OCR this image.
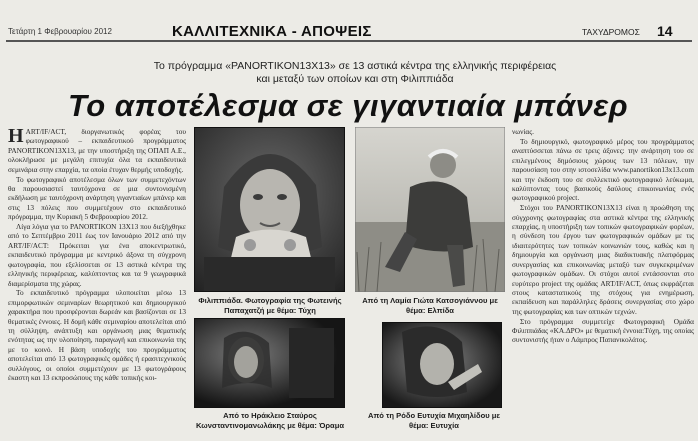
Τετάρτη 1 Φεβρουαρίου 2012	ΚΑΛΛΙΤΕΧΝΙΚΑ - ΑΠΟΨΕΙΣ	ΤΑΧΥΔΡΟΜΟΣ 14
Το πρόγραμμα «PANORTIKON13X13» σε 13 αστικά κέντρα της ελληνικής περιφέρειας και μεταξύ των οποίων και στη Φιλιππιάδα
Το αποτέλεσμα σε γιγαντιαία μπάνερ

ΗART/IF/ACT, διοργανωτικός φορέας του φωτογραφικού – εκπαιδευτικού προγράμματος PANORTIKON13X13, με την υποστήριξη της ΟΠΑΠ Α.Ε., ολοκλήρωσε με μεγάλη επιτυχία όλα τα εκπαιδευτικά σεμινάρια στην επαρχία, τα οποία έτυχαν θερμής υποδοχής.

Το φωτογραφικό αποτέλεσμα όλων των συμμετεχόντων θα παρουσιαστεί ταυτόχρονα σε μια συντονισμένη εκδήλωση με ταυτόχρονη ανάρτηση γιγαντιαίων μπάνερ και στις 13 πόλεις που συμμετέχουν στο εκπαιδευτικό πρόγραμμα, την Κυριακή 5 Φεβρουαρίου 2012.

Λίγα λόγια για το PANORTIKON 13Χ13 που διεξήχθηκε από το Σεπτέμβριο 2011 έως τον Ιανουάριο 2012 από την ART/IF/ACT: Πρόκειται για ένα αποκεντρωτικό, εκπαιδευτικό πρόγραμμα με κεντρικό άξονα τη σύγχρονη φωτογραφία, που εξελίσσεται σε 13 αστικά κέντρα της ελληνικής περιφέρειας, καλύπτοντας και τα 9 γεωγραφικά διαμερίσματα της χώρας.

Το εκπαιδευτικό πρόγραμμα υλοποιείται μέσω 13 επιμορφωτικών σεμιναρίων θεωρητικού και δημιουργικού χαρακτήρα που προσφέρονται δωρεάν και βασίζονται σε 13 θεματικές έννοιες. Η δομή κάθε σεμιναρίου αποτελείται από τη σύλληψη, ανάπτυξη και οργάνωση μιας θεματικής ενότητας ως την υλοποίηση, παραγωγή και επικοινωνία της με το κοινό. Η βάση υποδοχής του προγράμματος αποτελείται από 13 φωτογραφικές ομάδες ή ερασιτεχνικούς συλλόγους, οι οποίοι συμμετέχουν με 13 φωτογράφους έκαστη και 13 εκπροσώπους της κάθε τοπικής κοι-

Φιλιππιάδα. Φωτογραφία της Φωτεινής Παπαχατζή με θέμα: Τύχη
Από τη Λαμία Γιώτα Κατσογιάννου με θέμα: Ελπίδα
Από το Ηράκλειο Σταύρος Κωνσταντινομανωλάκης με θέμα: Όραμα
Από τη Ρόδο Ευτυχία Μιχαηλίδου με θέμα: Ευτυχία

νωνίας.

Το δημιουργικό, φωτογραφικό μέρος του προγράμματος αναπτύσσεται πάνω σε τρεις άξονες: την ανάρτηση του σε επιλεγμένους δημόσιους χώρους των 13 πόλεων, την παρουσίαση του στην ιστοσελίδα www.panortikon13x13.com και την έκδοση του σε συλλεκτικό φωτογραφικό λεύκωμα, καλύπτοντας τους βασικούς δαύλους επικοινωνίας ενός φωτογραφικού project.

Στόχοι του PANORTIKON13X13 είναι η προώθηση της σύγχρονης φωτογραφίας στα αστικά κέντρα της ελληνικής επαρχίας, η υποστήριξη των τοπικών φωτογραφικών φορέων, η σύνδεση του έργου των φωτογραφικών ομάδων με τις ιδιαιτερότητες των τοπικών κοινωνιών τους, καθώς και η δημιουργία και οργάνωση μιας διαδικτυακής πλατφόρμας συνεργασίας και επικοινωνίας μεταξύ των συγκεκριμένων φωτογραφικών ομάδων. Οι στόχοι αυτοί εντάσσονται στο ευρύτερο project της ομάδας ART/IF/ACT, όπως εκφράζεται στους καταστατικούς της στόχους για ενημέρωση, εκπαίδευση και παράλληλες δράσεις συνεργασίας στο χώρο της φωτογραφίας και των οπτικών τεχνών.

Στο πρόγραμμα συμμετείχε Φωτογραφική Ομάδα Φιλιππιάδας «ΚΑ.ΔΡΟ» με θεματική έννοια:Τύχη, της οποίας συντονιστής ήταν ο Λάμπρος Παπανικολάτος.
